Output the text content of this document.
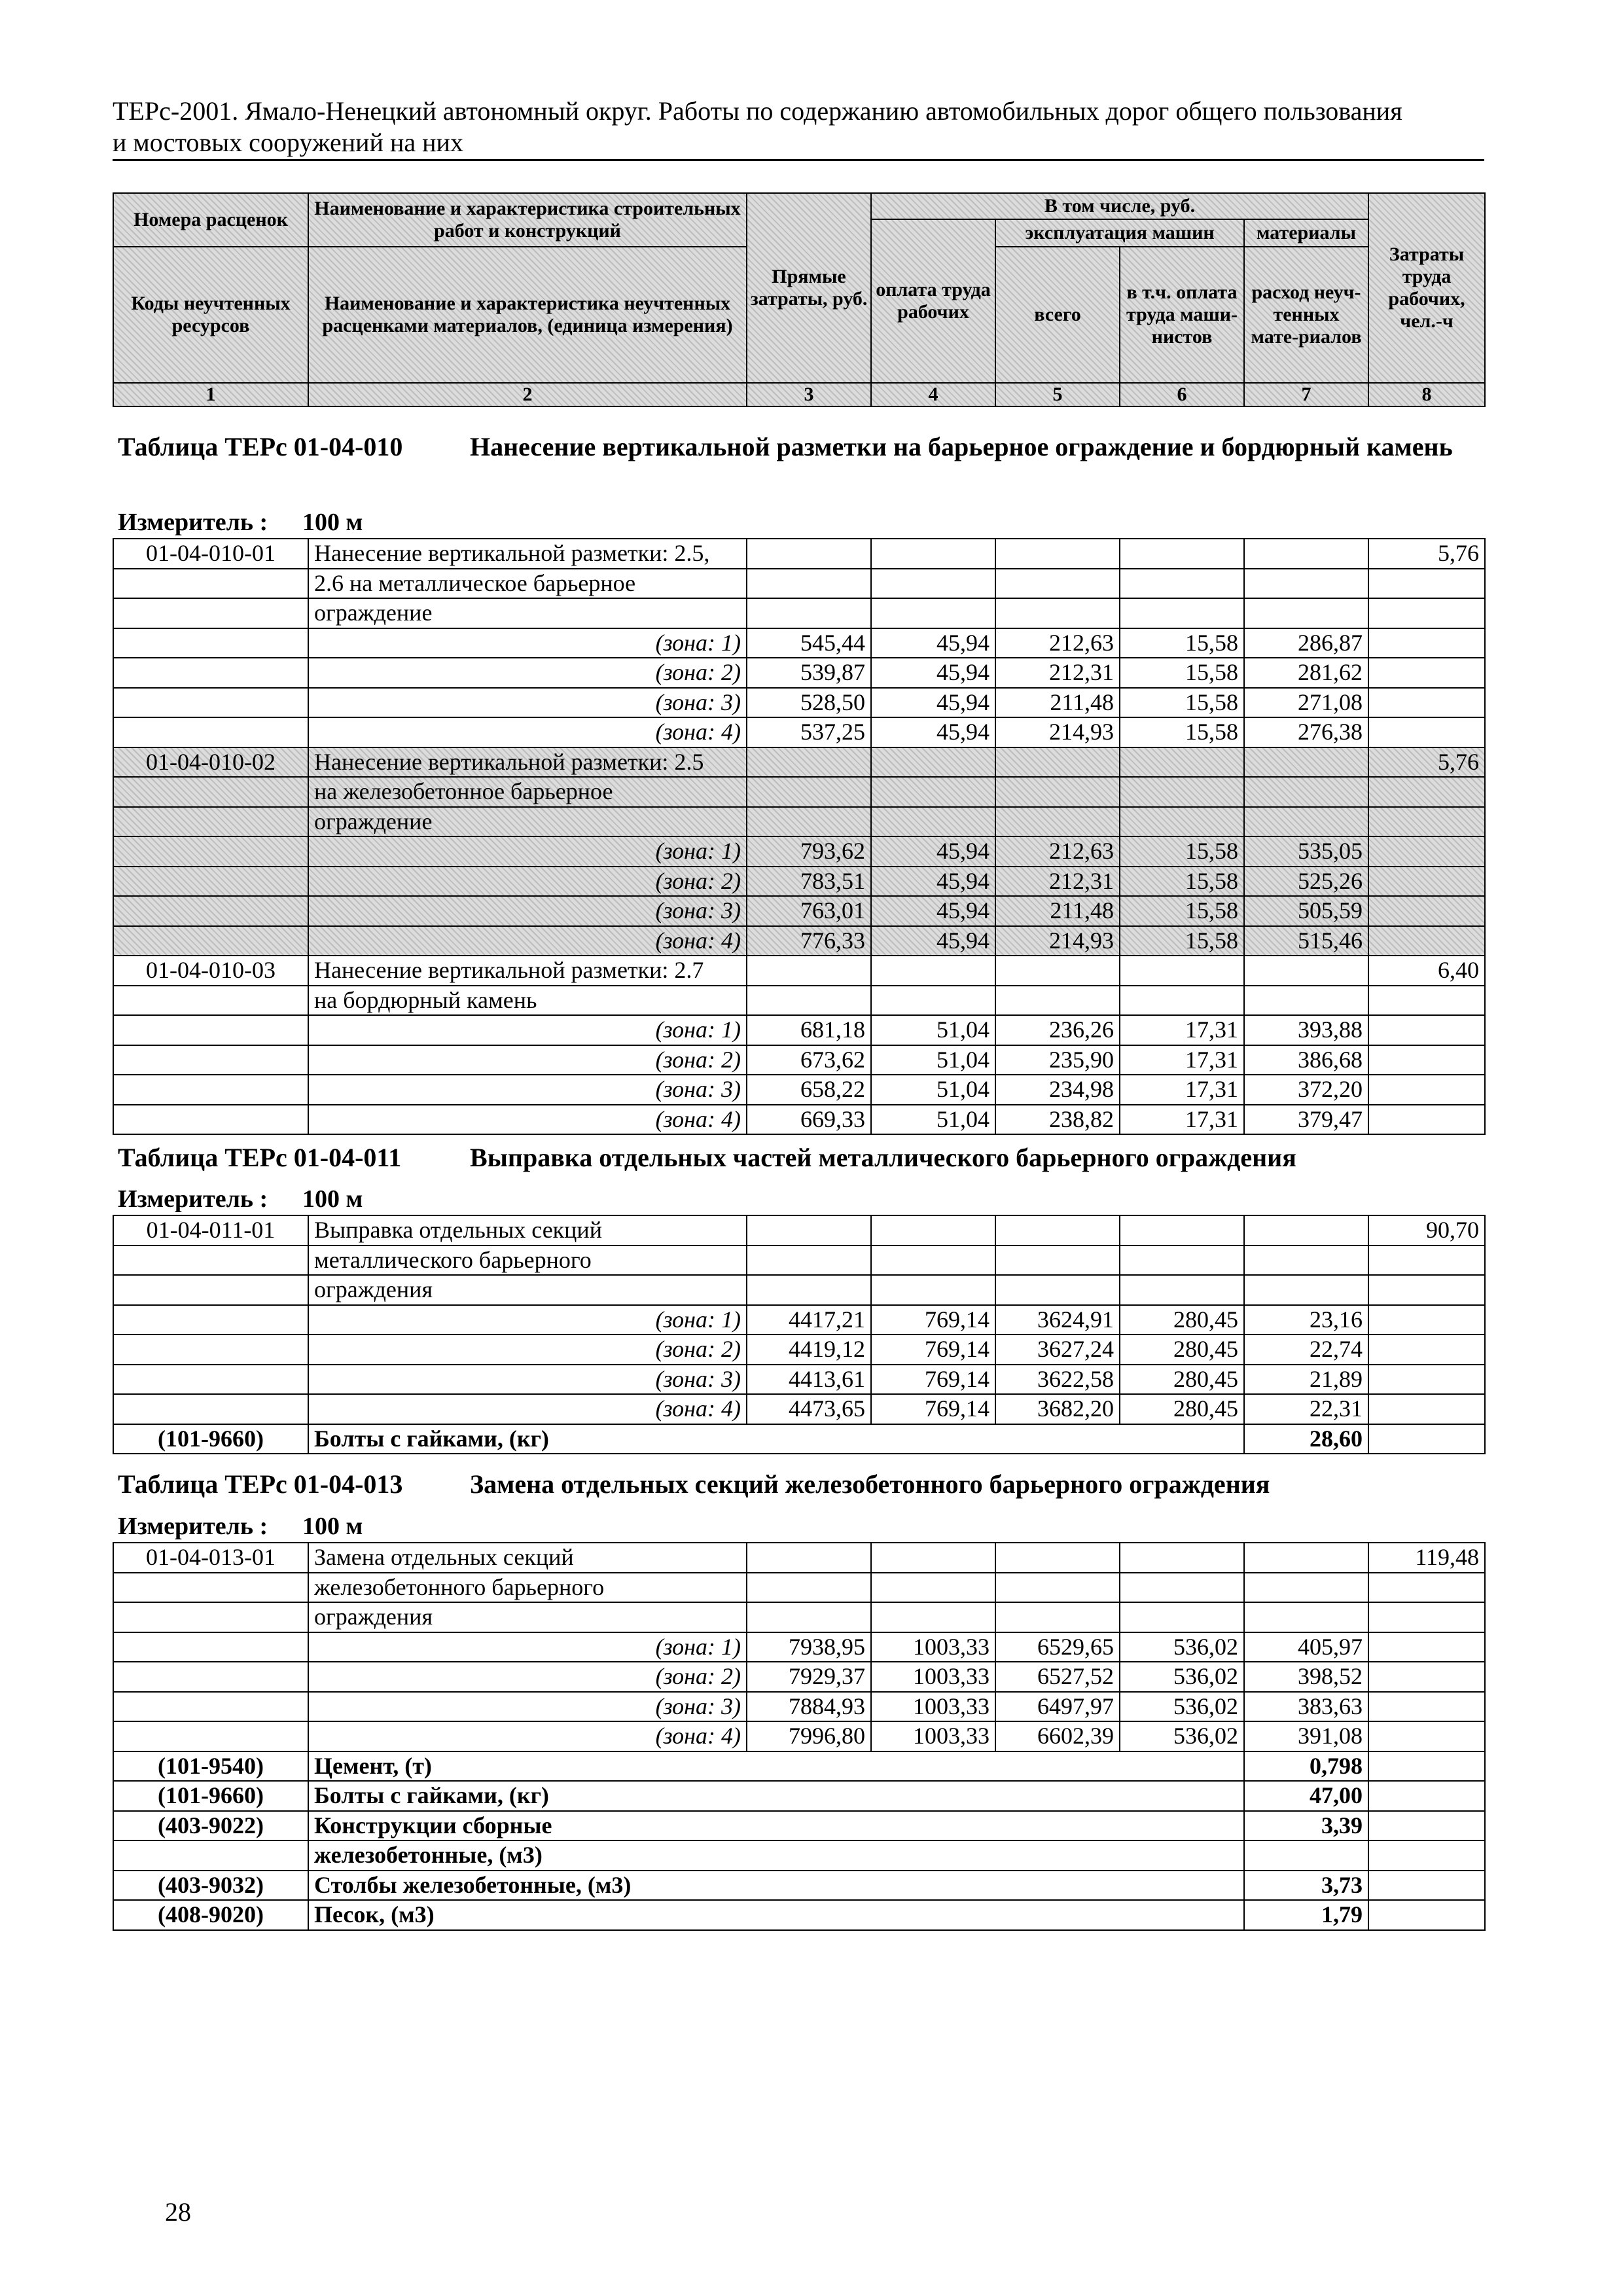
ТЕРс-2001. Ямало-Ненецкий автономный округ. Работы по содержанию автомобильных дорог общего пользования
и мостовых сооружений на них
Номера расценок	Наименование и характеристика строительных работ и конструкций	Прямые затраты, руб.	В том числе, руб.				Затраты труда рабочих, чел.-ч
			оплата труда рабочих	эксплуатация машин		материалы	
Коды неучтенных ресурсов	Наименование и характеристика неучтенных расценками материалов, (единица измерения)			всего	в т.ч. оплата труда маши-нистов	расход неуч-тенных мате-риалов	

1	2	3	4	5	6	7	8
Таблица ТЕРс 01-04-010	Нанесение вертикальной разметки на барьерное ограждение и бордюрный камень
Измеритель : 100 м
01-04-010-01	Нанесение вертикальной разметки: 2.5,						5,76
	2.6 на металлическое барьерное						
	ограждение						
	(зона: 1)	545,44	45,94	212,63	15,58	286,87	
	(зона: 2)	539,87	45,94	212,31	15,58	281,62	
	(зона: 3)	528,50	45,94	211,48	15,58	271,08	
	(зона: 4)	537,25	45,94	214,93	15,58	276,38	
01-04-010-02	Нанесение вертикальной разметки: 2.5						5,76
	на железобетонное барьерное						
	ограждение						
	(зона: 1)	793,62	45,94	212,63	15,58	535,05	
	(зона: 2)	783,51	45,94	212,31	15,58	525,26	
	(зона: 3)	763,01	45,94	211,48	15,58	505,59	
	(зона: 4)	776,33	45,94	214,93	15,58	515,46	
01-04-010-03	Нанесение вертикальной разметки: 2.7						6,40
	на бордюрный камень						
	(зона: 1)	681,18	51,04	236,26	17,31	393,88	
	(зона: 2)	673,62	51,04	235,90	17,31	386,68	
	(зона: 3)	658,22	51,04	234,98	17,31	372,20	
	(зона: 4)	669,33	51,04	238,82	17,31	379,47	
Таблица ТЕРс 01-04-011	Выправка отдельных частей металлического барьерного ограждения
Измеритель : 100 м
01-04-011-01	Выправка отдельных секций						90,70
	металлического барьерного						
	ограждения						
	(зона: 1)	4417,21	769,14	3624,91	280,45	23,16	
	(зона: 2)	4419,12	769,14	3627,24	280,45	22,74	
	(зона: 3)	4413,61	769,14	3622,58	280,45	21,89	
	(зона: 4)	4473,65	769,14	3682,20	280,45	22,31	
(101-9660)	Болты с гайками, (кг)					28,60	
Таблица ТЕРс 01-04-013	Замена отдельных секций железобетонного барьерного ограждения
Измеритель : 100 м
01-04-013-01	Замена отдельных секций						119,48
	железобетонного барьерного						
	ограждения						
	(зона: 1)	7938,95	1003,33	6529,65	536,02	405,97	
	(зона: 2)	7929,37	1003,33	6527,52	536,02	398,52	
	(зона: 3)	7884,93	1003,33	6497,97	536,02	383,63	
	(зона: 4)	7996,80	1003,33	6602,39	536,02	391,08	
(101-9540)	Цемент, (т)					0,798	
(101-9660)	Болты с гайками, (кг)					47,00	
(403-9022)	Конструкции сборные					3,39	
	железобетонные, (м3)						
(403-9032)	Столбы железобетонные, (м3)					3,73	
(408-9020)	Песок, (м3)					1,79	
28
